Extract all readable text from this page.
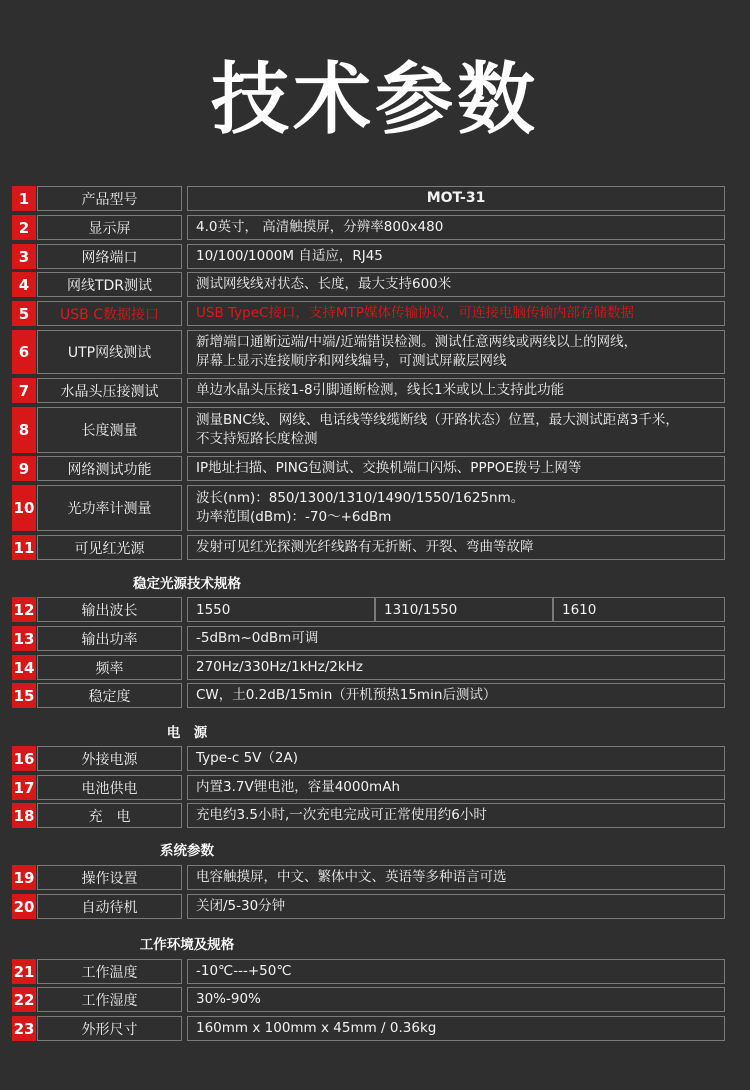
技术参数
1	产品型号	MOT-31
2	显示屏	4.0英寸， 高清触摸屏，分辨率800x480
3	网络端口	10/100/1000M 自适应，RJ45
4	网线TDR测试	测试网线线对状态、长度，最大支持600米
5	USB C数据接口	USB TypeC接口，支持MTP媒体传输协议，可连接电脑传输内部存储数据
6	UTP网线测试
新增端口通断远端/中端/近端错误检测。测试任意两线或两线以上的网线，
屏幕上显示连接顺序和网线编号，可测试屏蔽层网线
7	水晶头压接测试	单边水晶头压接1-8引脚通断检测，线长1米或以上支持此功能
8	长度测量
测量BNC线、网线、电话线等线缆断线（开路状态）位置，最大测试距离3千米，
不支持短路长度检测
9	网络测试功能	IP地址扫描、PING包测试、交换机端口闪烁、PPPOE拨号上网等
10	光功率计测量
波长(nm)：850/1300/1310/1490/1550/1625nm。
功率范围(dBm)：-70～+6dBm
11	可见红光源	发射可见红光探测光纤线路有无折断、开裂、弯曲等故障
稳定光源技术规格
12	输出波长	1550	1310/1550	1610
13	输出功率	-5dBm~0dBm可调
14	频率	270Hz/330Hz/1kHz/2kHz
15	稳定度	CW，土0.2dB/15min（开机预热15min后测试）
电　源
16	外接电源	Type-c 5V（2A)
17	电池供电	内置3.7V锂电池，容量4000mAh
18	充　电	充电约3.5小时,一次充电完成可正常使用约6小时
系统参数
19	操作设置	电容触摸屏，中文、繁体中文、英语等多种语言可选
20	自动待机	关闭/5-30分钟
工作环境及规格
21	工作温度	-10℃---+50℃
22	工作湿度	30%-90%
23	外形尺寸	160mm x 100mm x 45mm / 0.36kg
